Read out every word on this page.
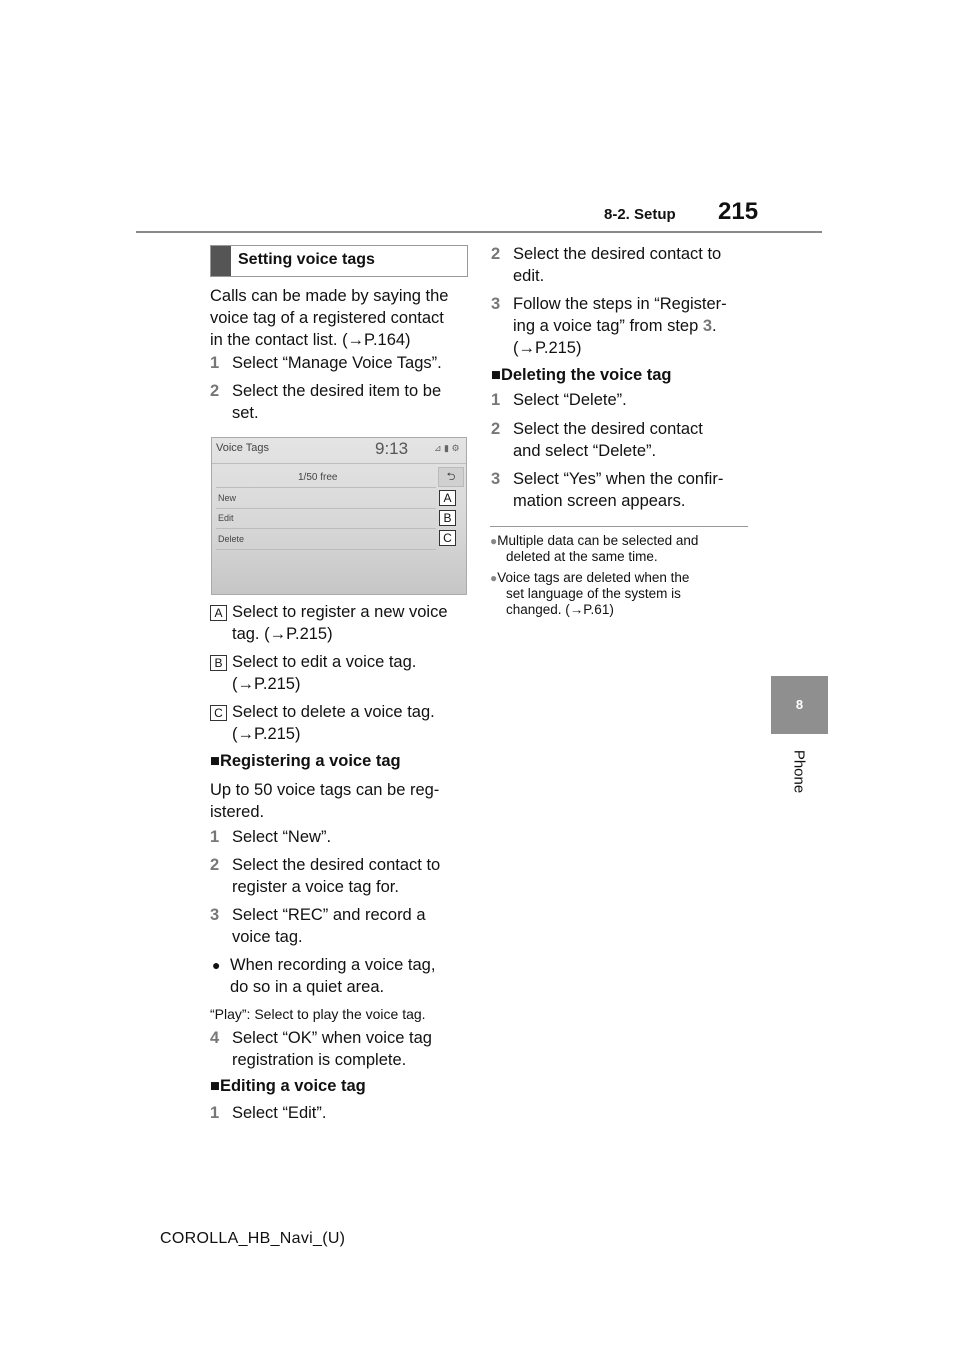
8-2. Setup 215
8
Phone
Setting voice tags
Calls can be made by saying the
voice tag of a registered contact
in the contact list. (→P.164)
1 Select “Manage Voice Tags”.
2 Select the desired item to be
set.
Voice Tags	9:13	⊿ ▮ ⚙
1/50 free	⮌
New
Edit
Delete
A
B
C
A Select to register a new voice
tag. (→P.215)
B Select to edit a voice tag.
(→P.215)
C Select to delete a voice tag.
(→P.215)
■Registering a voice tag
Up to 50 voice tags can be reg-
istered.
1 Select “New”.
2 Select the desired contact to
register a voice tag for.
3 Select “REC” and record a
voice tag.
● When recording a voice tag,
do so in a quiet area.
“Play”: Select to play the voice tag.
4 Select “OK” when voice tag
registration is complete.
■Editing a voice tag
1 Select “Edit”.
2 Select the desired contact to
edit.
3 Follow the steps in “Register-
ing a voice tag” from step 3.
(→P.215)
■Deleting the voice tag
1 Select “Delete”.
2 Select the desired contact
and select “Delete”.
3 Select “Yes” when the confir-
mation screen appears.
●Multiple data can be selected and
deleted at the same time.
●Voice tags are deleted when the
set language of the system is
changed. (→P.61)
COROLLA_HB_Navi_(U)
